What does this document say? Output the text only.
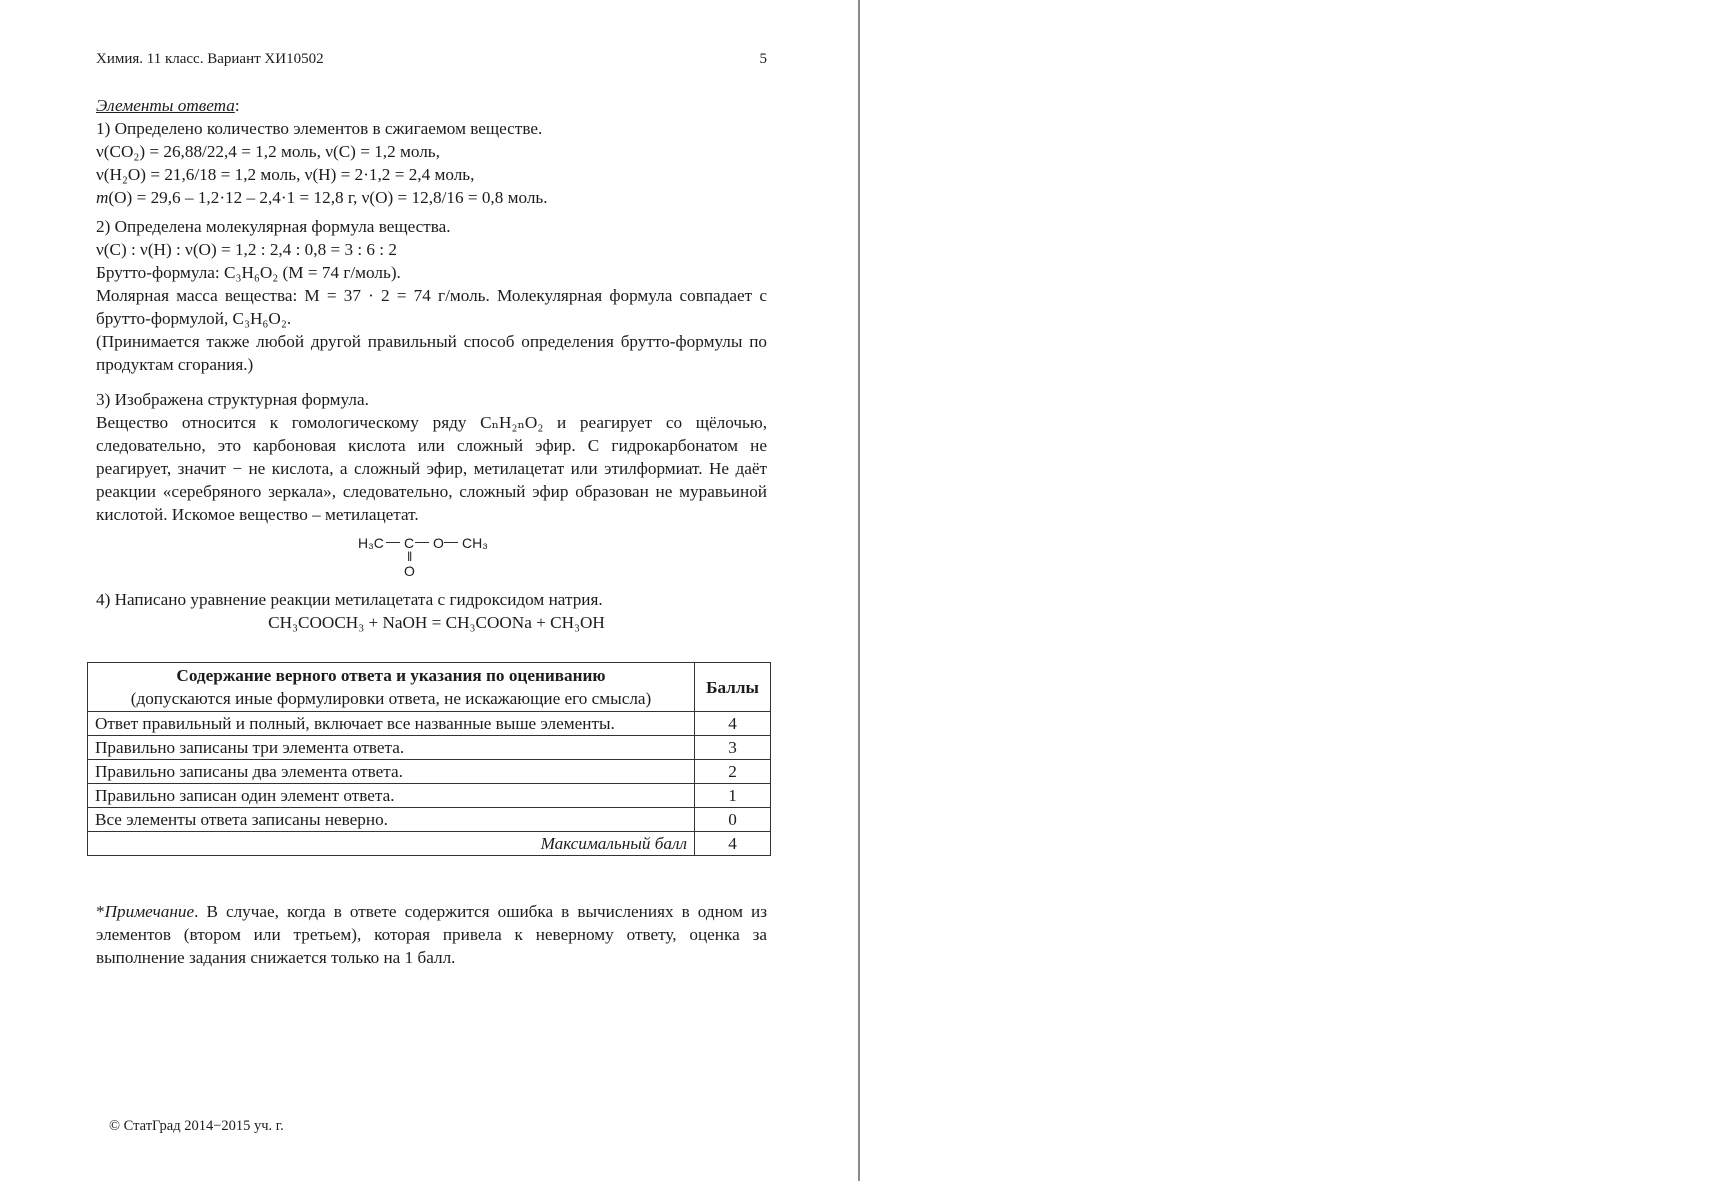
Химия. 11 класс. Вариант ХИ10502	5

Элементы ответа:

1) Определено количество элементов в сжигаемом веществе.

ν(CO₂) = 26,88/22,4 = 1,2 моль, ν(C) = 1,2 моль,

ν(H₂O) = 21,6/18 = 1,2 моль, ν(H) = 2·1,2 = 2,4 моль,

m(O) = 29,6 – 1,2·12 – 2,4·1 = 12,8 г, ν(O) = 12,8/16 = 0,8 моль.

2) Определена молекулярная формула вещества.

ν(C) : ν(H) : ν(O) = 1,2 : 2,4 : 0,8 = 3 : 6 : 2

Брутто-формула: C₃H₆O₂ (M = 74 г/моль).

Молярная масса вещества: M = 37 · 2 = 74 г/моль. Молекулярная формула совпадает с брутто-формулой, C₃H₆O₂.

(Принимается также любой другой правильный способ определения брутто-формулы по продуктам сгорания.)

3) Изображена структурная формула.

Вещество относится к гомологическому ряду CₙH₂ₙO₂ и реагирует со щёлочью, следовательно, это карбоновая кислота или сложный эфир. С гидрокарбонатом не реагирует, значит − не кислота, а сложный эфир, метилацетат или этилформиат. Не даёт реакции «серебряного зеркала», следовательно, сложный эфир образован не муравьиной кислотой. Искомое вещество – метилацетат.

H₃C — C — O — CH₃
‖
O

4) Написано уравнение реакции метилацетата с гидроксидом натрия.

CH₃COOCH₃ + NaOH = CH₃COONa + CH₃OH

Содержание верного ответа и указания по оцениванию
(допускаются иные формулировки ответа, не искажающие его смысла)	Баллы
Ответ правильный и полный, включает все названные выше элементы.	4
Правильно записаны три элемента ответа.	3
Правильно записаны два элемента ответа.	2
Правильно записан один элемент ответа.	1
Все элементы ответа записаны неверно.	0
Максимальный балл	4

*Примечание. В случае, когда в ответе содержится ошибка в вычислениях в одном из элементов (втором или третьем), которая привела к неверному ответу, оценка за выполнение задания снижается только на 1 балл.

© СтатГрад 2014−2015 уч. г.
